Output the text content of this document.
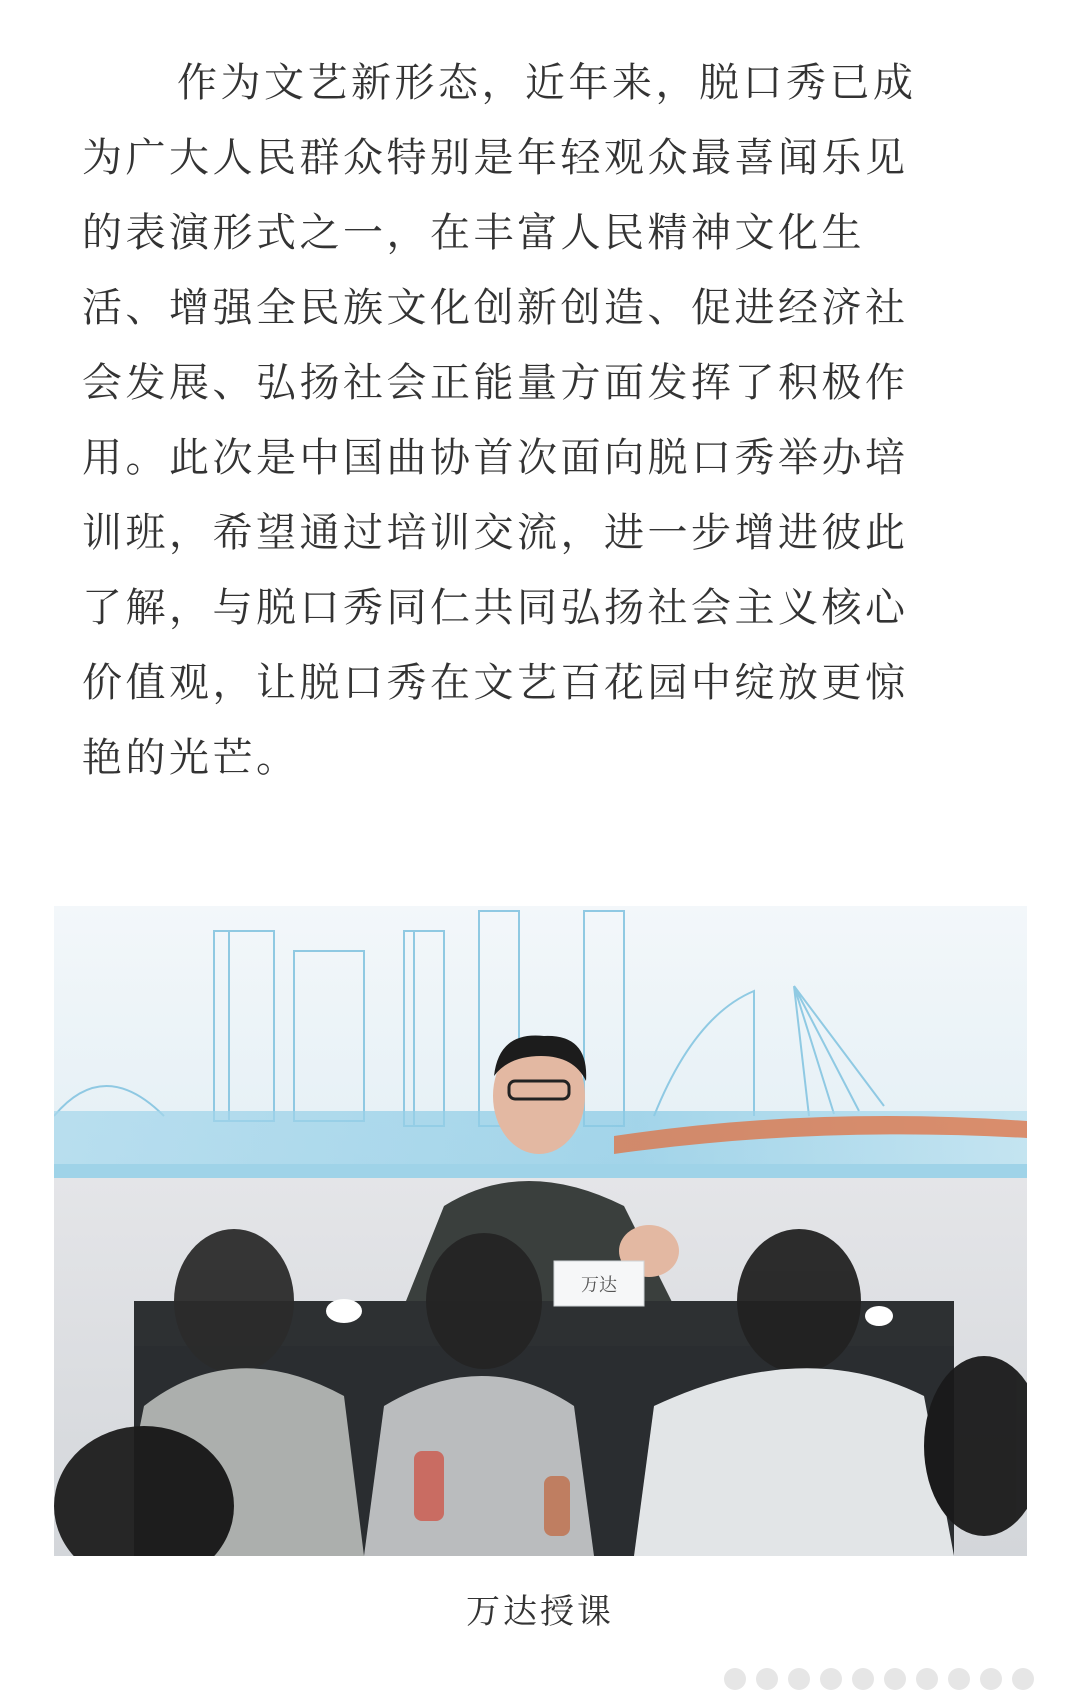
作为文艺新形态，近年来，脱口秀已成
为广大人民群众特别是年轻观众最喜闻乐见
的表演形式之一，在丰富人民精神文化生
活、增强全民族文化创新创造、促进经济社
会发展、弘扬社会正能量方面发挥了积极作
用。此次是中国曲协首次面向脱口秀举办培
训班，希望通过培训交流，进一步增进彼此
了解，与脱口秀同仁共同弘扬社会主义核心
价值观，让脱口秀在文艺百花园中绽放更惊
艳的光芒。
万达
万达授课
